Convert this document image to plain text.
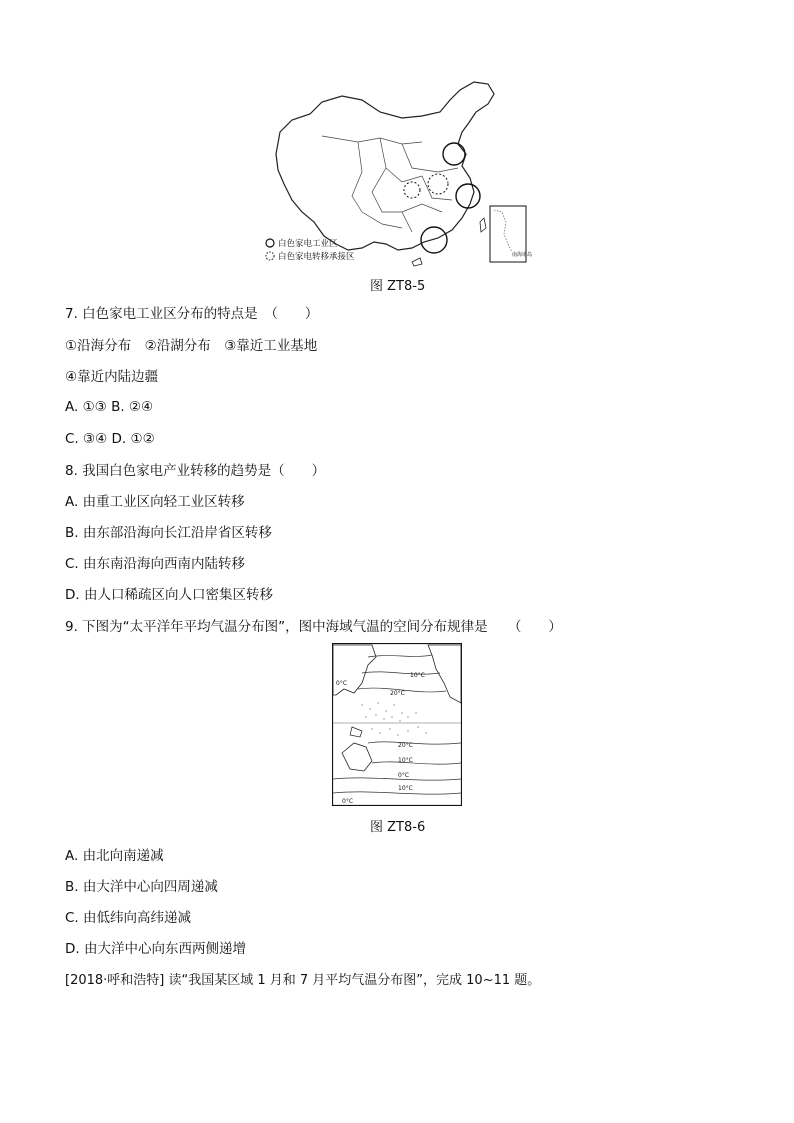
白色家电工业区
白色家电转移承接区	南海诸岛
图 ZT8-5
7. 白色家电工业区分布的特点是　（　　）
①沿海分布　②沿湖分布　③靠近工业基地
④靠近内陆边疆
A. ①③ B. ②④
C. ③④ D. ①②
8. 我国白色家电产业转移的趋势是（　　）
A. 由重工业区向轻工业区转移
B. 由东部沿海向长江沿岸省区转移
C. 由东南沿海向西南内陆转移
D. 由人口稀疏区向人口密集区转移
9. 下图为“太平洋年平均气温分布图”，图中海域气温的空间分布规律是　　（　　）
0°C
10°C
20°C
20°C
10°C
0°C
10°C
0°C
图 ZT8-6
A. 由北向南递减
B. 由大洋中心向四周递减
C. 由低纬向高纬递减
D. 由大洋中心向东西两侧递增
[2018·呼和浩特] 读“我国某区域 1 月和 7 月平均气温分布图”，完成 10~11 题。
